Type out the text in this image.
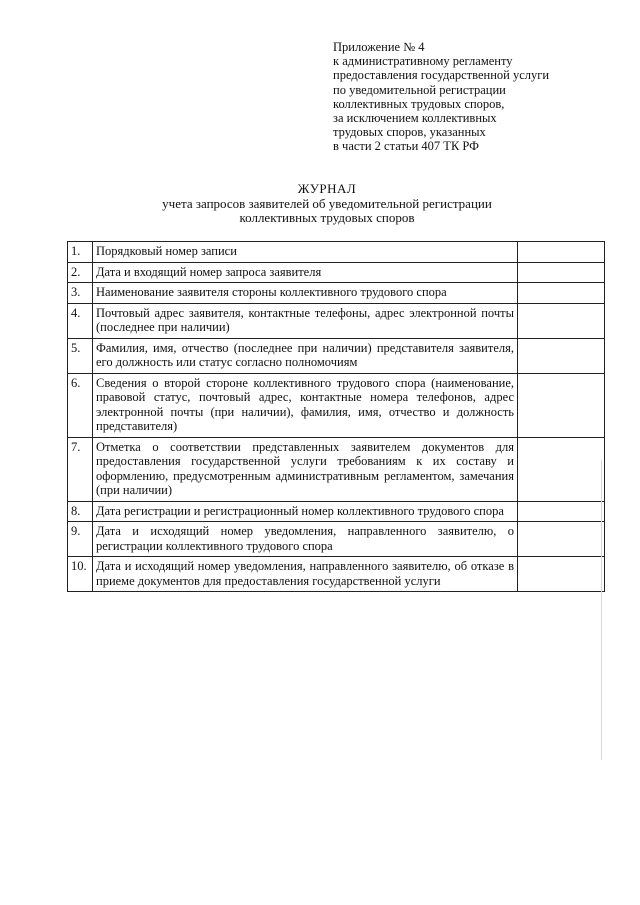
Приложение № 4
к административному регламенту
предоставления государственной услуги
по уведомительной регистрации
коллективных трудовых споров,
за исключением коллективных
трудовых споров, указанных
в части 2 статьи 407 ТК РФ
ЖУРНАЛ
учета запросов заявителей об уведомительной регистрации
коллективных трудовых споров
1.	Порядковый номер записи	
2.	Дата и входящий номер запроса заявителя	
3.	Наименование заявителя стороны коллективного трудового спора	
4.	Почтовый адрес заявителя, контактные телефоны, адрес электронной почты (последнее при наличии)	
5.	Фамилия, имя, отчество (последнее при наличии) представителя заявителя, его должность или статус согласно полномочиям	
6.	Сведения о второй стороне коллективного трудового спора (наименование, правовой статус, почтовый адрес, контактные номера телефонов, адрес электронной почты (при наличии), фамилия, имя, отчество и должность представителя)	
7.	Отметка о соответствии представленных заявителем документов для предоставления государственной услуги требованиям к их составу и оформлению, предусмотренным административным регламентом, замечания (при наличии)	
8.	Дата регистрации и регистрационный номер коллективного трудового спора	
9.	Дата и исходящий номер уведомления, направленного заявителю, о регистрации коллективного трудового спора	
10.	Дата и исходящий номер уведомления, направленного заявителю, об отказе в приеме документов для предоставления государственной услуги	
